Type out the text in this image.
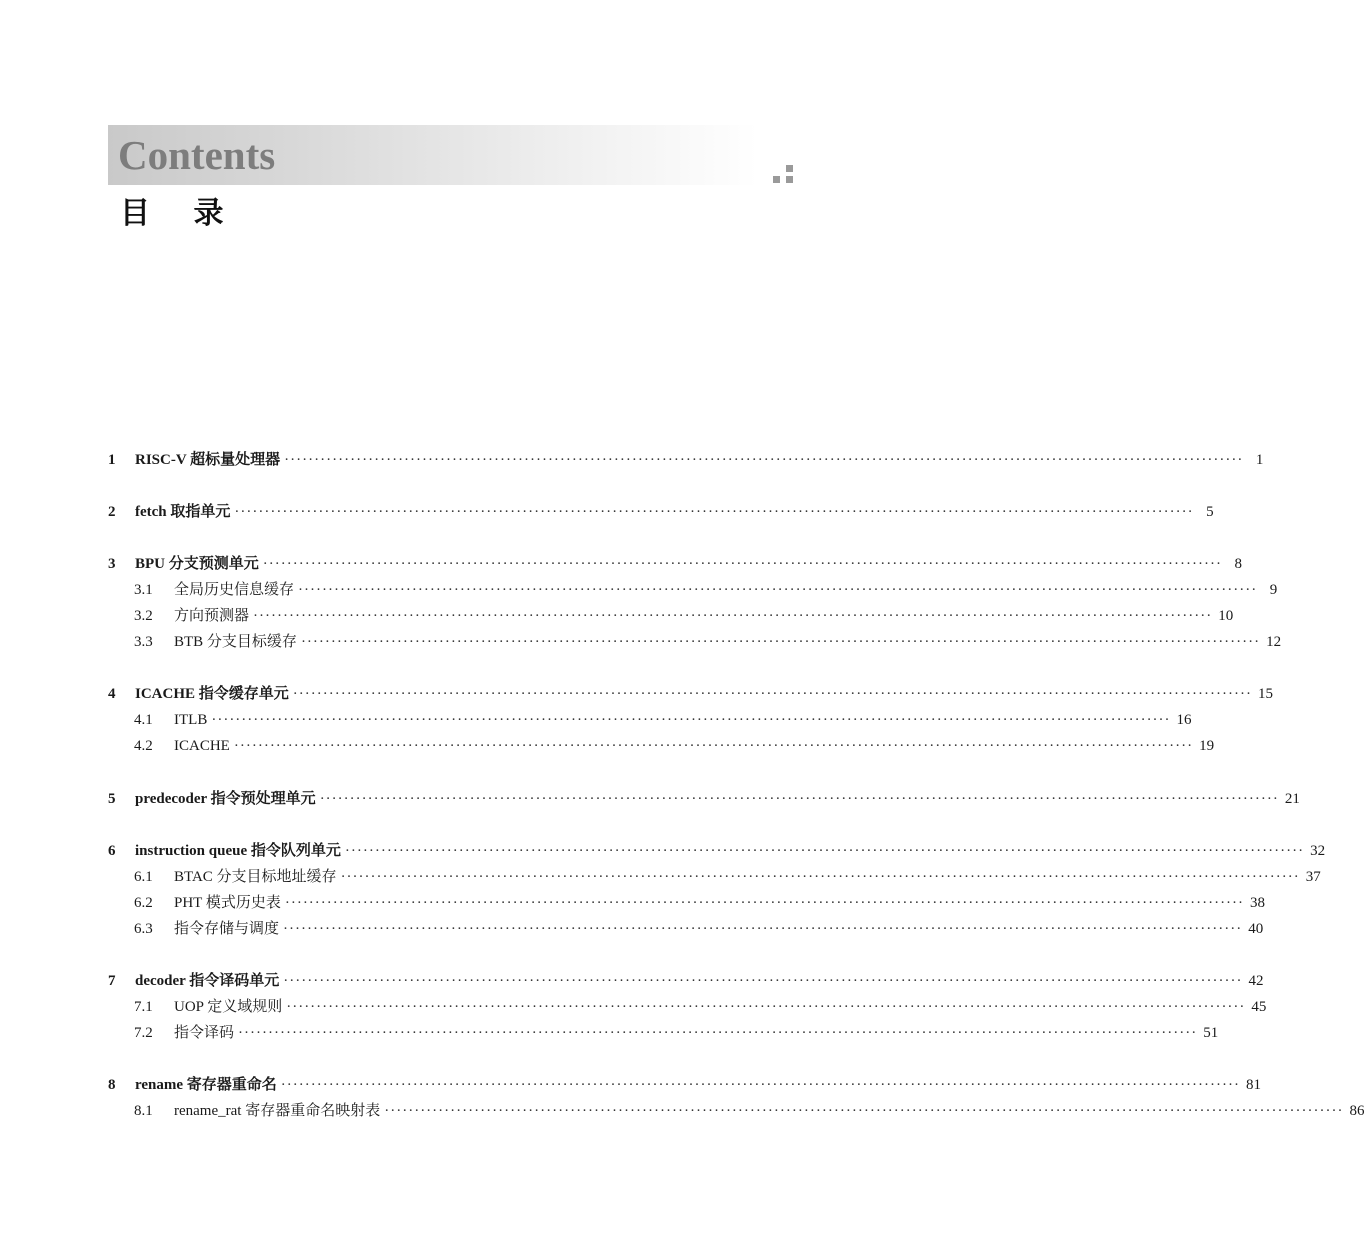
Contents
目 录
1	RISC-V 超标量处理器 ································································································································································ 1
2	fetch 取指单元 ································································································································································ 5
3	BPU 分支预测单元 ································································································································································ 8
3.1	全局历史信息缓存 ································································································································································ 9
3.2	方向预测器 ································································································································································ 10
3.3	BTB 分支目标缓存 ································································································································································ 12
4	ICACHE 指令缓存单元 ································································································································································ 15
4.1	ITLB ································································································································································ 16
4.2	ICACHE ································································································································································ 19
5	predecoder 指令预处理单元 ································································································································································ 21
6	instruction queue 指令队列单元 ································································································································································ 32
6.1	BTAC 分支目标地址缓存 ································································································································································ 37
6.2	PHT 模式历史表 ································································································································································ 38
6.3	指令存储与调度 ································································································································································ 40
7	decoder 指令译码单元 ································································································································································ 42
7.1	UOP 定义域规则 ································································································································································ 45
7.2	指令译码 ································································································································································ 51
8	rename 寄存器重命名 ································································································································································ 81
8.1	rename_rat 寄存器重命名映射表 ································································································································································ 86
